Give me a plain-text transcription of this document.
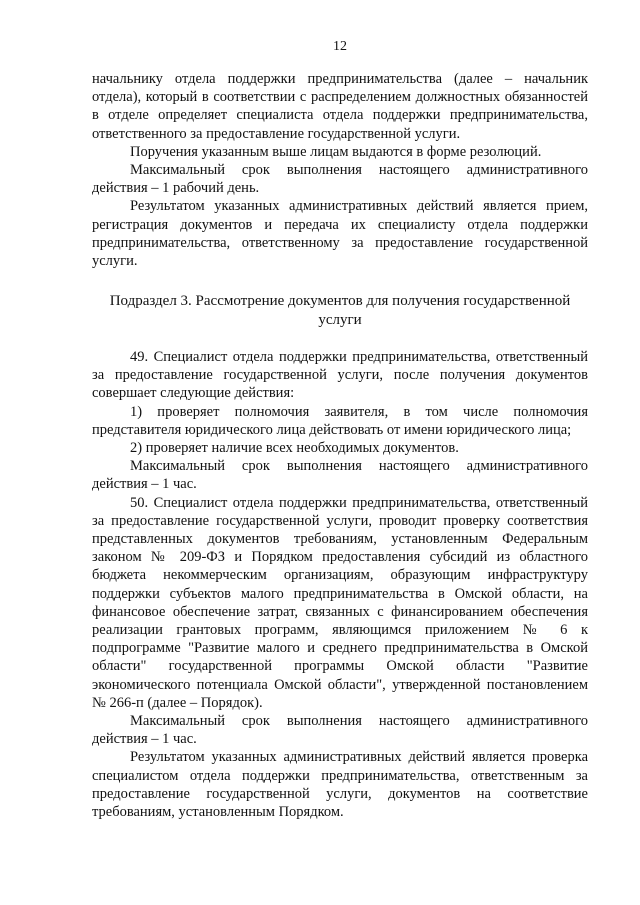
12

начальнику отдела поддержки предпринимательства (далее – начальник отдела), который в соответствии с распределением должностных обязанностей в отделе определяет специалиста отдела поддержки предпринимательства, ответственного за предоставление государственной услуги.

Поручения указанным выше лицам выдаются в форме резолюций.

Максимальный срок выполнения настоящего административного действия – 1 рабочий день.

Результатом указанных административных действий является прием, регистрация документов и передача их специалисту отдела поддержки предпринимательства, ответственному за предоставление государственной услуги.

Подраздел 3. Рассмотрение документов для получения государственной услуги

49. Специалист отдела поддержки предпринимательства, ответственный за предоставление государственной услуги, после получения документов совершает следующие действия:

1) проверяет полномочия заявителя, в том числе полномочия представителя юридического лица действовать от имени юридического лица;

2) проверяет наличие всех необходимых документов.

Максимальный срок выполнения настоящего административного действия – 1 час.

50. Специалист отдела поддержки предпринимательства, ответственный за предоставление государственной услуги, проводит проверку соответствия представленных документов требованиям, установленным Федеральным законом № 209-ФЗ и Порядком предоставления субсидий из областного бюджета некоммерческим организациям, образующим инфраструктуру поддержки субъектов малого предпринимательства в Омской области, на финансовое обеспечение затрат, связанных с финансированием обеспечения реализации грантовых программ, являющимся приложением № 6 к подпрограмме "Развитие малого и среднего предпринимательства в Омской области" государственной программы Омской области "Развитие экономического потенциала Омской области", утвержденной постановлением № 266-п (далее – Порядок).

Максимальный срок выполнения настоящего административного действия – 1 час.

Результатом указанных административных действий является проверка специалистом отдела поддержки предпринимательства, ответственным за предоставление государственной услуги, документов на соответствие требованиям, установленным Порядком.
